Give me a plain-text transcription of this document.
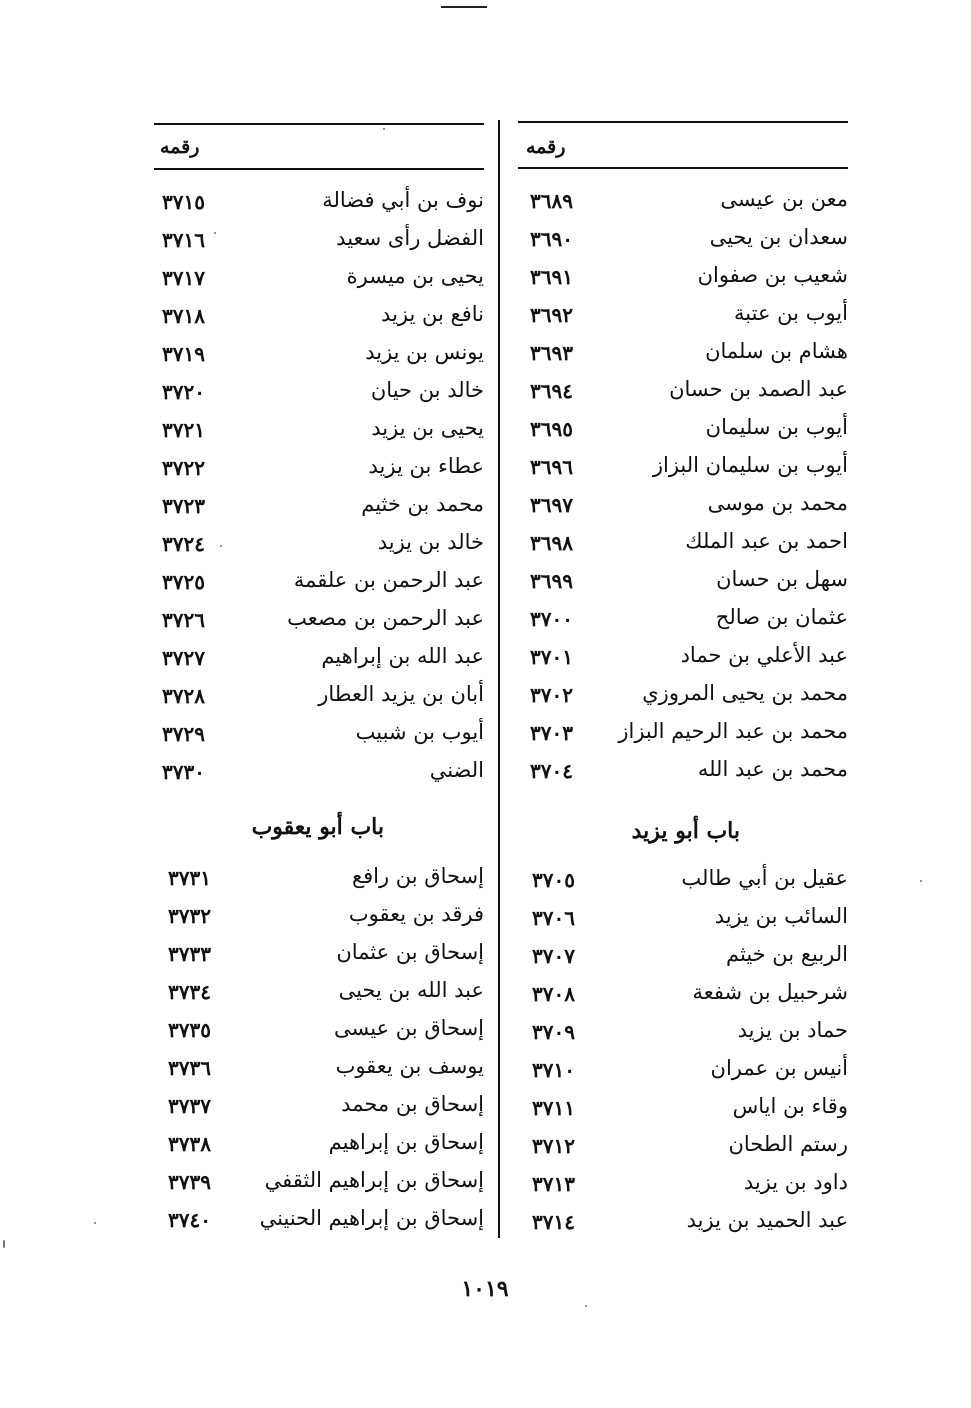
رقمه
معن بن عيسى
٣٦٨٩
سعدان بن يحيى
٣٦٩٠
شعيب بن صفوان
٣٦٩١
أيوب بن عتبة
٣٦٩٢
هشام بن سلمان
٣٦٩٣
عبد الصمد بن حسان
٣٦٩٤
أيوب بن سليمان
٣٦٩٥
أيوب بن سليمان البزاز
٣٦٩٦
محمد بن موسى
٣٦٩٧
احمد بن عبد الملك
٣٦٩٨
سهل بن حسان
٣٦٩٩
عثمان بن صالح
٣٧٠٠
عبد الأعلي بن حماد
٣٧٠١
محمد بن يحيى المروزي
٣٧٠٢
محمد بن عبد الرحيم البزاز
٣٧٠٣
محمد بن عبد الله
٣٧٠٤
باب أبو يزيد
عقيل بن أبي طالب
٣٧٠٥
السائب بن يزيد
٣٧٠٦
الربيع بن خيثم
٣٧٠٧
شرحبيل بن شفعة
٣٧٠٨
حماد بن يزيد
٣٧٠٩
أنيس بن عمران
٣٧١٠
وقاء بن اياس
٣٧١١
رستم الطحان
٣٧١٢
داود بن يزيد
٣٧١٣
عبد الحميد بن يزيد
٣٧١٤
رقمه
نوف بن أبي فضالة
٣٧١٥
الفضل رأى سعيد
٣٧١٦
يحيى بن ميسرة
٣٧١٧
نافع بن يزيد
٣٧١٨
يونس بن يزيد
٣٧١٩
خالد بن حيان
٣٧٢٠
يحيى بن يزيد
٣٧٢١
عطاء بن يزيد
٣٧٢٢
محمد بن خثيم
٣٧٢٣
خالد بن يزيد
٣٧٢٤
عبد الرحمن بن علقمة
٣٧٢٥
عبد الرحمن بن مصعب
٣٧٢٦
عبد الله بن إبراهيم
٣٧٢٧
أبان بن يزيد العطار
٣٧٢٨
أيوب بن شبيب
٣٧٢٩
الضني
٣٧٣٠
باب أبو يعقوب
إسحاق بن رافع
٣٧٣١
فرقد بن يعقوب
٣٧٣٢
إسحاق بن عثمان
٣٧٣٣
عبد الله بن يحيى
٣٧٣٤
إسحاق بن عيسى
٣٧٣٥
يوسف بن يعقوب
٣٧٣٦
إسحاق بن محمد
٣٧٣٧
إسحاق بن إبراهيم
٣٧٣٨
إسحاق بن إبراهيم الثقفي
٣٧٣٩
إسحاق بن إبراهيم الحنيني
٣٧٤٠
١٠١٩
